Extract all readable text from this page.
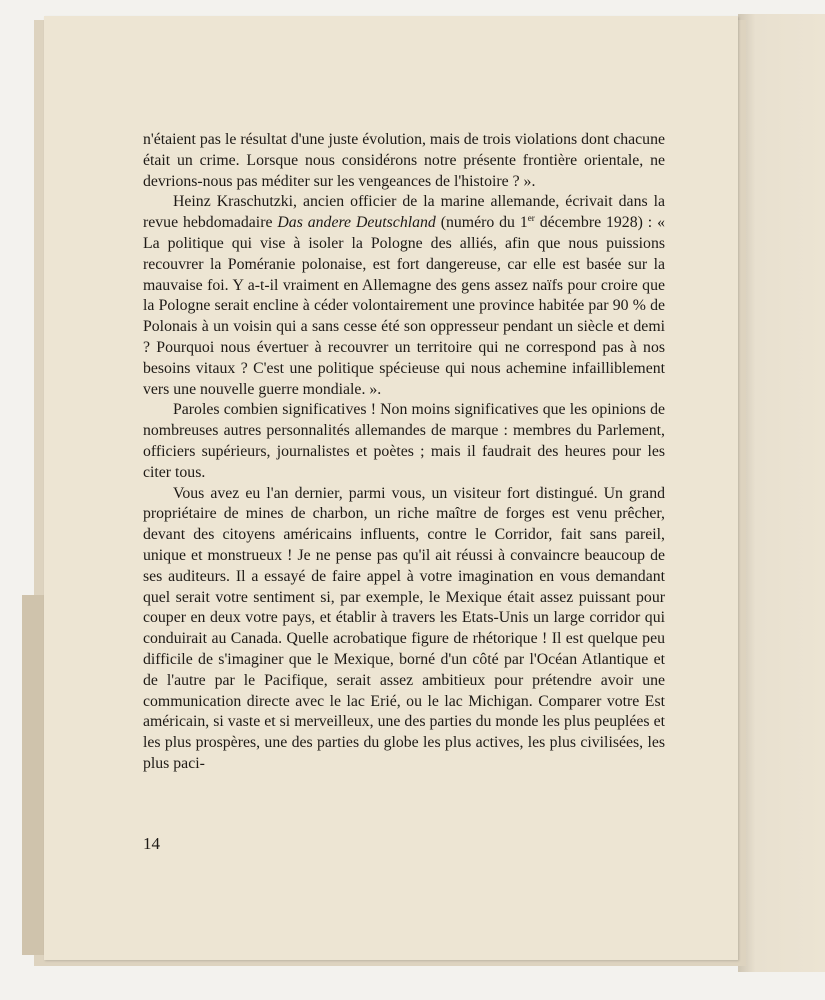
n'étaient pas le résultat d'une juste évolution, mais de trois violations dont chacune était un crime. Lorsque nous considérons notre présente frontière orientale, ne devrions-nous pas méditer sur les vengeances de l'histoire ? ».

Heinz Kraschutzki, ancien officier de la marine allemande, écrivait dans la revue hebdomadaire Das andere Deutschland (numéro du 1er décembre 1928) : « La politique qui vise à isoler la Pologne des alliés, afin que nous puissions recouvrer la Poméranie polonaise, est fort dangereuse, car elle est basée sur la mauvaise foi. Y a-t-il vraiment en Allemagne des gens assez naïfs pour croire que la Pologne serait encline à céder volontairement une province habitée par 90 % de Polonais à un voisin qui a sans cesse été son oppresseur pendant un siècle et demi ? Pourquoi nous évertuer à recouvrer un territoire qui ne correspond pas à nos besoins vitaux ? C'est une politique spécieuse qui nous achemine infailliblement vers une nouvelle guerre mondiale. ».

Paroles combien significatives ! Non moins significatives que les opinions de nombreuses autres personnalités allemandes de marque : membres du Parlement, officiers supérieurs, journalistes et poètes ; mais il faudrait des heures pour les citer tous.

Vous avez eu l'an dernier, parmi vous, un visiteur fort distingué. Un grand propriétaire de mines de charbon, un riche maître de forges est venu prêcher, devant des citoyens américains influents, contre le Corridor, fait sans pareil, unique et monstrueux ! Je ne pense pas qu'il ait réussi à convaincre beaucoup de ses auditeurs. Il a essayé de faire appel à votre imagination en vous demandant quel serait votre sentiment si, par exemple, le Mexique était assez puissant pour couper en deux votre pays, et établir à travers les Etats-Unis un large corridor qui conduirait au Canada. Quelle acrobatique figure de rhétorique ! Il est quelque peu difficile de s'imaginer que le Mexique, borné d'un côté par l'Océan Atlantique et de l'autre par le Pacifique, serait assez ambitieux pour prétendre avoir une communication directe avec le lac Erié, ou le lac Michigan. Comparer votre Est américain, si vaste et si merveilleux, une des parties du monde les plus peuplées et les plus prospères, une des parties du globe les plus actives, les plus civilisées, les plus paci-

14
